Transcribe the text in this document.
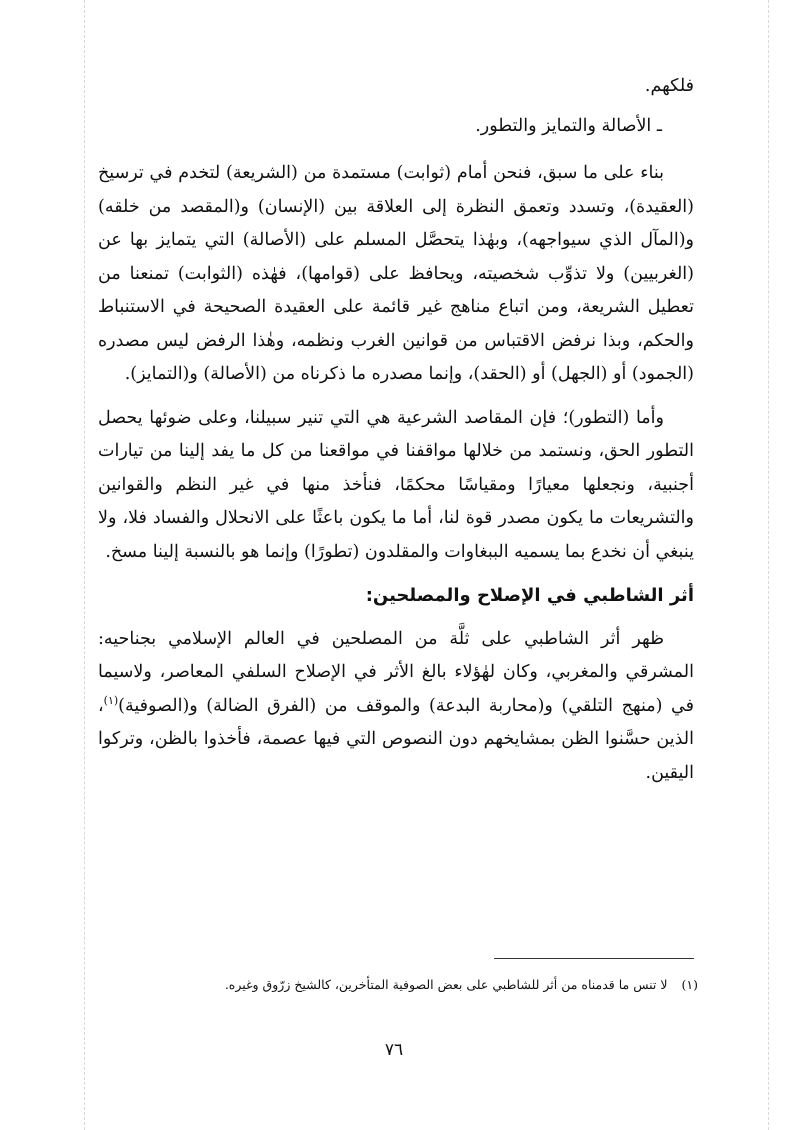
فلكهم.

ـ الأصالة والتمايز والتطور.

بناء على ما سبق، فنحن أمام (ثوابت) مستمدة من (الشريعة) لتخدم في ترسيخ (العقيدة)، وتسدد وتعمق النظرة إلى العلاقة بين (الإنسان) و(المقصد من خلقه) و(المآل الذي سيواجهه)، وبهٰذا يتحصَّل المسلم على (الأصالة) التي يتمايز بها عن (الغربيين) ولا تذوِّب شخصيته، ويحافظ على (قوامها)، فهٰذه (الثوابت) تمنعنا من تعطيل الشريعة، ومن اتباع مناهج غير قائمة على العقيدة الصحيحة في الاستنباط والحكم، وبذا نرفض الاقتباس من قوانين الغرب ونظمه، وهٰذا الرفض ليس مصدره (الجمود) أو (الجهل) أو (الحقد)، وإنما مصدره ما ذكرناه من (الأصالة) و(التمايز).

وأما (التطور)؛ فإن المقاصد الشرعية هي التي تنير سبيلنا، وعلى ضوئها يحصل التطور الحق، ونستمد من خلالها مواقفنا في مواقعنا من كل ما يفد إلينا من تيارات أجنبية، ونجعلها معيارًا ومقياسًا محكمًا، فنأخذ منها في غير النظم والقوانين والتشريعات ما يكون مصدر قوة لنا، أما ما يكون باعثًا على الانحلال والفساد فلا، ولا ينبغي أن نخدع بما يسميه الببغاوات والمقلدون (تطورًا) وإنما هو بالنسبة إلينا مسخ.

أثر الشاطبي في الإصلاح والمصلحين:

ظهر أثر الشاطبي على ثلَّة من المصلحين في العالم الإسلامي بجناحيه: المشرقي والمغربي، وكان لهٰؤلاء بالغ الأثر في الإصلاح السلفي المعاصر، ولاسيما في (منهج التلقي) و(محاربة البدعة) والموقف من (الفرق الضالة) و(الصوفية)$^{(١)}$، الذين حسَّنوا الظن بمشايخهم دون النصوص التي فيها عصمة، فأخذوا بالظن، وتركوا اليقين.

(١)لا تنس ما قدمناه من أثر للشاطبي على بعض الصوفية المتأخرين، كالشيخ زرّوق وغيره.
٧٦
